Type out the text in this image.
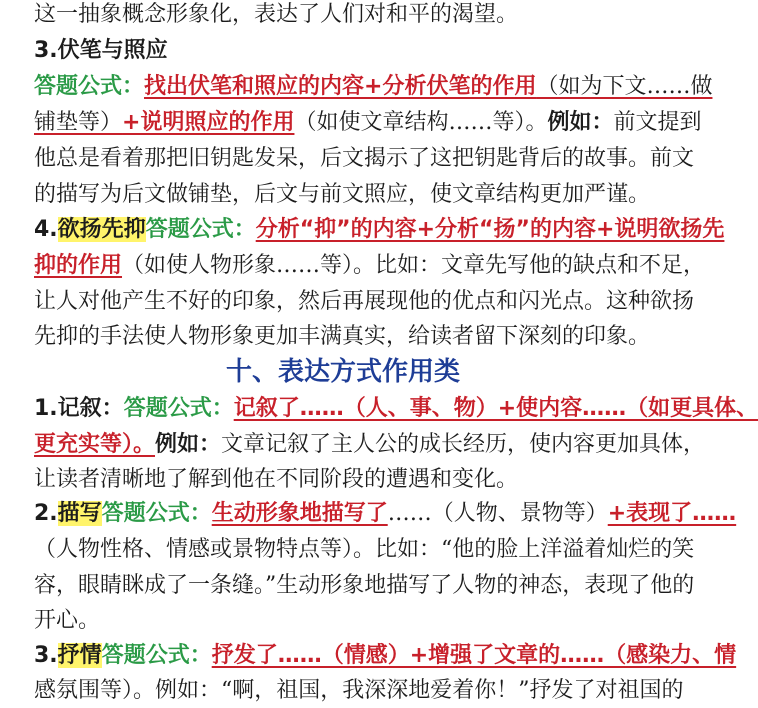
这一抽象概念形象化，表达了人们对和平的渴望。
3.伏笔与照应
答题公式：找出伏笔和照应的内容+分析伏笔的作用（如为下文……做
铺垫等）+说明照应的作用（如使文章结构……等）。例如：前文提到
他总是看着那把旧钥匙发呆，后文揭示了这把钥匙背后的故事。前文
的描写为后文做铺垫，后文与前文照应，使文章结构更加严谨。
4.欲扬先抑答题公式：分析“抑”的内容+分析“扬”的内容+说明欲扬先
抑的作用（如使人物形象……等）。比如：文章先写他的缺点和不足，
让人对他产生不好的印象，然后再展现他的优点和闪光点。这种欲扬
先抑的手法使人物形象更加丰满真实，给读者留下深刻的印象。
十、表达方式作用类
1.记叙：答题公式：记叙了……（人、事、物）+使内容……（如更具体、
更充实等）。例如：文章记叙了主人公的成长经历，使内容更加具体，
让读者清晰地了解到他在不同阶段的遭遇和变化。
2.描写答题公式：生动形象地描写了……（人物、景物等）+表现了……
（人物性格、情感或景物特点等）。比如：“他的脸上洋溢着灿烂的笑
容，眼睛眯成了一条缝。”生动形象地描写了人物的神态，表现了他的
开心。
3.抒情答题公式：抒发了……（情感）+增强了文章的……（感染力、情
感氛围等）。例如：“啊，祖国，我深深地爱着你！”抒发了对祖国的
